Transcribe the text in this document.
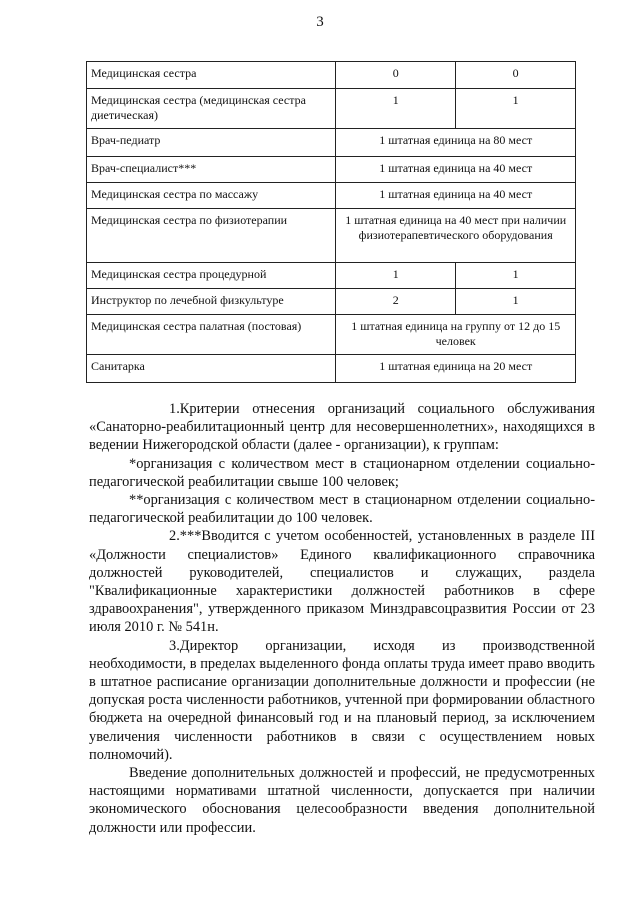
3
Медицинская сестра	0	0
Медицинская сестра (медицинская сестра диетическая)	1	1
Врач-педиатр	1 штатная единица на 80 мест	
Врач-специалист***	1 штатная единица на 40 мест	
Медицинская сестра по массажу	1 штатная единица на 40 мест	
Медицинская сестра по физиотерапии	1 штатная единица на 40 мест при наличии физиотерапевтического оборудования	
Медицинская сестра процедурной	1	1
Инструктор по лечебной физкультуре	2	1
Медицинская сестра палатная (постовая)	1 штатная единица на группу от 12 до 15 человек	
Санитарка	1 штатная единица на 20 мест	

1.Критерии отнесения организаций социального обслуживания «Санаторно-реабилитационный центр для несовершеннолетних», находящихся в ведении Нижегородской области (далее - организации), к группам:

*организация с количеством мест в стационарном отделении социально-педагогической реабилитации свыше 100 человек;

**организация с количеством мест в стационарном отделении социально-педагогической реабилитации до 100 человек.

2.***Вводится с учетом особенностей, установленных в разделе III «Должности специалистов» Единого квалификационного справочника должностей руководителей, специалистов и служащих, раздела "Квалификационные характеристики должностей работников в сфере здравоохранения", утвержденного приказом Минздравсоцразвития России от 23 июля 2010 г. № 541н.

3.Директор организации, исходя из производственной необходимости, в пределах выделенного фонда оплаты труда имеет право вводить в штатное расписание организации дополнительные должности и профессии (не допуская роста численности работников, учтенной при формировании областного бюджета на очередной финансовый год и на плановый период, за исключением увеличения численности работников в связи с осуществлением новых полномочий).

Введение дополнительных должностей и профессий, не предусмотренных настоящими нормативами штатной численности, допускается при наличии экономического обоснования целесообразности введения дополнительной должности или профессии.
